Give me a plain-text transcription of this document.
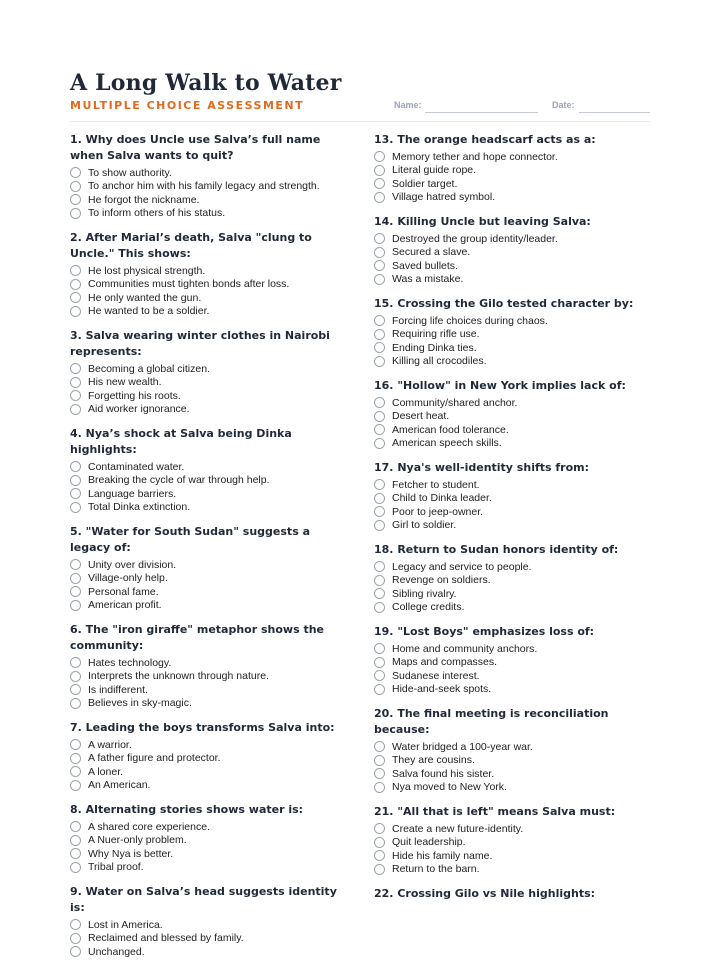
A Long Walk to Water
MULTIPLE CHOICE ASSESSMENT	Name:	Date:

1. Why does Uncle use Salva’s full name when Salva wants to quit?

To show authority.
To anchor him with his family legacy and strength.
He forgot the nickname.
To inform others of his status.

2. After Marial’s death, Salva "clung to Uncle." This shows:

He lost physical strength.
Communities must tighten bonds after loss.
He only wanted the gun.
He wanted to be a soldier.

3. Salva wearing winter clothes in Nairobi represents:

Becoming a global citizen.
His new wealth.
Forgetting his roots.
Aid worker ignorance.

4. Nya’s shock at Salva being Dinka highlights:

Contaminated water.
Breaking the cycle of war through help.
Language barriers.
Total Dinka extinction.

5. "Water for South Sudan" suggests a legacy of:

Unity over division.
Village-only help.
Personal fame.
American profit.

6. The "iron giraffe" metaphor shows the community:

Hates technology.
Interprets the unknown through nature.
Is indifferent.
Believes in sky-magic.

7. Leading the boys transforms Salva into:

A warrior.
A father figure and protector.
A loner.
An American.

8. Alternating stories shows water is:

A shared core experience.
A Nuer-only problem.
Why Nya is better.
Tribal proof.

9. Water on Salva’s head suggests identity is:

Lost in America.
Reclaimed and blessed by family.
Unchanged.

13. The orange headscarf acts as a:

Memory tether and hope connector.
Literal guide rope.
Soldier target.
Village hatred symbol.

14. Killing Uncle but leaving Salva:

Destroyed the group identity/leader.
Secured a slave.
Saved bullets.
Was a mistake.

15. Crossing the Gilo tested character by:

Forcing life choices during chaos.
Requiring rifle use.
Ending Dinka ties.
Killing all crocodiles.

16. "Hollow" in New York implies lack of:

Community/shared anchor.
Desert heat.
American food tolerance.
American speech skills.

17. Nya's well-identity shifts from:

Fetcher to student.
Child to Dinka leader.
Poor to jeep-owner.
Girl to soldier.

18. Return to Sudan honors identity of:

Legacy and service to people.
Revenge on soldiers.
Sibling rivalry.
College credits.

19. "Lost Boys" emphasizes loss of:

Home and community anchors.
Maps and compasses.
Sudanese interest.
Hide-and-seek spots.

20. The final meeting is reconciliation because:

Water bridged a 100-year war.
They are cousins.
Salva found his sister.
Nya moved to New York.

21. "All that is left" means Salva must:

Create a new future-identity.
Quit leadership.
Hide his family name.
Return to the barn.

22. Crossing Gilo vs Nile highlights:
